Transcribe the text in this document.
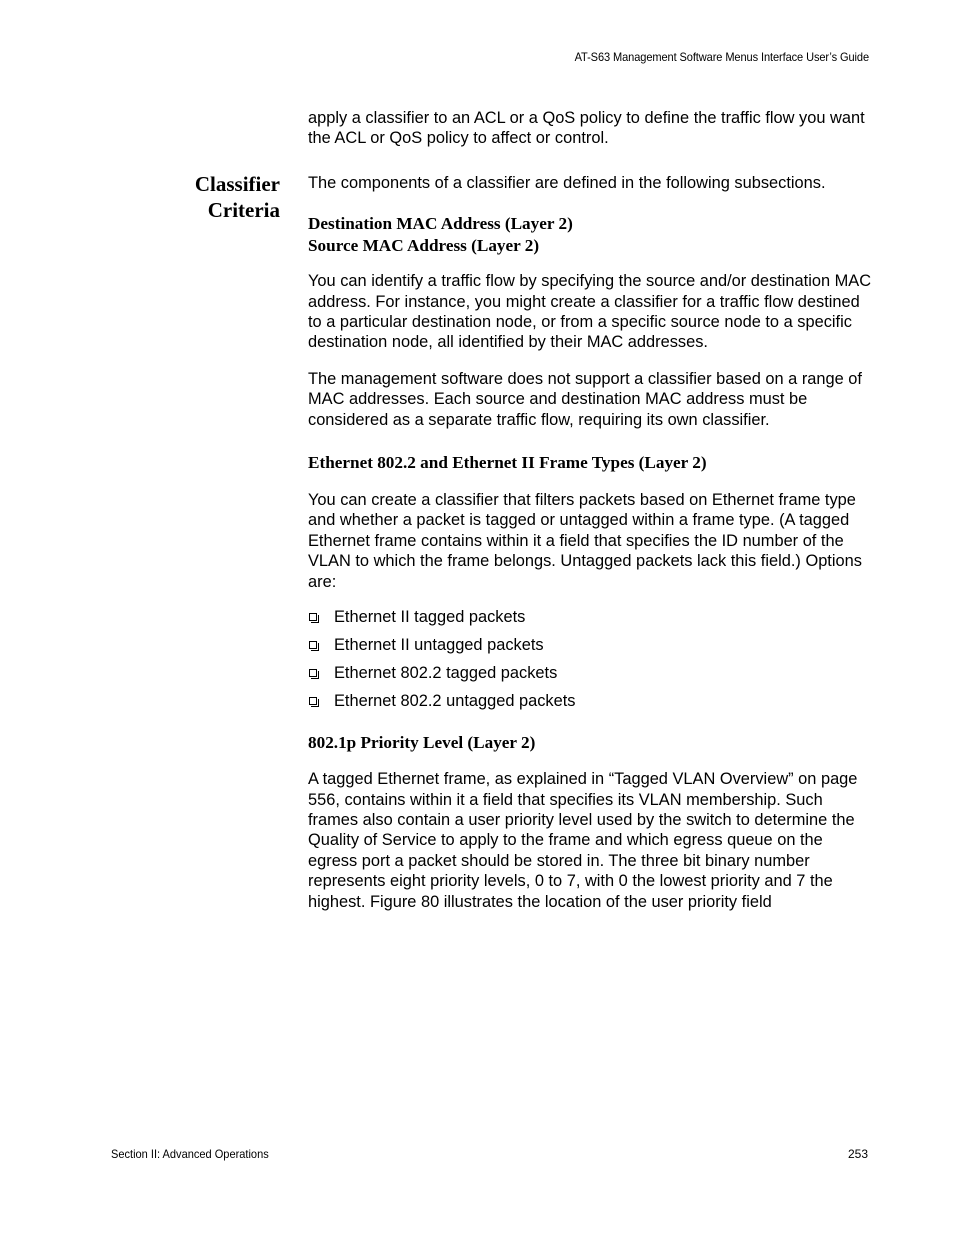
AT-S63 Management Software Menus Interface User’s Guide
Classifier
Criteria

apply a classifier to an ACL or a QoS policy to define the traffic flow you want the ACL or QoS policy to affect or control.

The components of a classifier are defined in the following subsections.

Destination MAC Address (Layer 2)
Source MAC Address (Layer 2)

You can identify a traffic flow by specifying the source and/or destination MAC address. For instance, you might create a classifier for a traffic flow destined to a particular destination node, or from a specific source node to a specific destination node, all identified by their MAC addresses.

The management software does not support a classifier based on a range of MAC addresses. Each source and destination MAC address must be considered as a separate traffic flow, requiring its own classifier.

Ethernet 802.2 and Ethernet II Frame Types (Layer 2)

You can create a classifier that filters packets based on Ethernet frame type and whether a packet is tagged or untagged within a frame type. (A tagged Ethernet frame contains within it a field that specifies the ID number of the VLAN to which the frame belongs. Untagged packets lack this field.) Options are:

Ethernet II tagged packets
Ethernet II untagged packets
Ethernet 802.2 tagged packets
Ethernet 802.2 untagged packets
802.1p Priority Level (Layer 2)

A tagged Ethernet frame, as explained in “Tagged VLAN Overview” on page 556, contains within it a field that specifies its VLAN membership. Such frames also contain a user priority level used by the switch to determine the Quality of Service to apply to the frame and which egress queue on the egress port a packet should be stored in. The three bit binary number represents eight priority levels, 0 to 7, with 0 the lowest priority and 7 the highest. Figure 80 illustrates the location of the user priority field

Section II: Advanced Operations	253
